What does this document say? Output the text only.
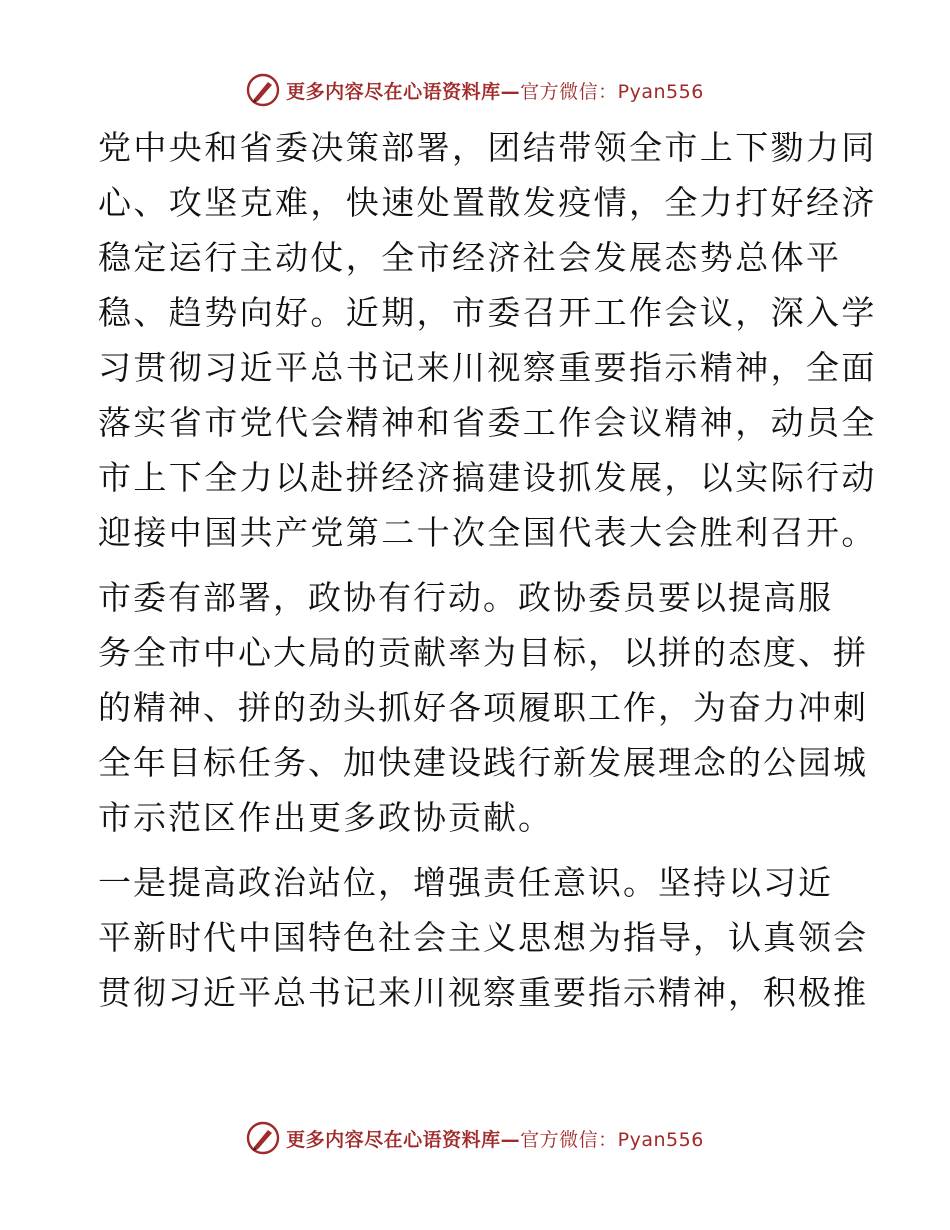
更多内容尽在心语资料库—官方微信：Pyan556
党中央和省委决策部署，团结带领全市上下勠力同
心、攻坚克难，快速处置散发疫情，全力打好经济
稳定运行主动仗，全市经济社会发展态势总体平
稳、趋势向好。近期，市委召开工作会议，深入学
习贯彻习近平总书记来川视察重要指示精神，全面
落实省市党代会精神和省委工作会议精神，动员全
市上下全力以赴拼经济搞建设抓发展，以实际行动
迎接中国共产党第二十次全国代表大会胜利召开。
市委有部署，政协有行动。政协委员要以提高服
务全市中心大局的贡献率为目标，以拼的态度、拼
的精神、拼的劲头抓好各项履职工作，为奋力冲刺
全年目标任务、加快建设践行新发展理念的公园城
市示范区作出更多政协贡献。
一是提高政治站位，增强责任意识。坚持以习近
平新时代中国特色社会主义思想为指导，认真领会
贯彻习近平总书记来川视察重要指示精神，积极推
更多内容尽在心语资料库—官方微信：Pyan556
